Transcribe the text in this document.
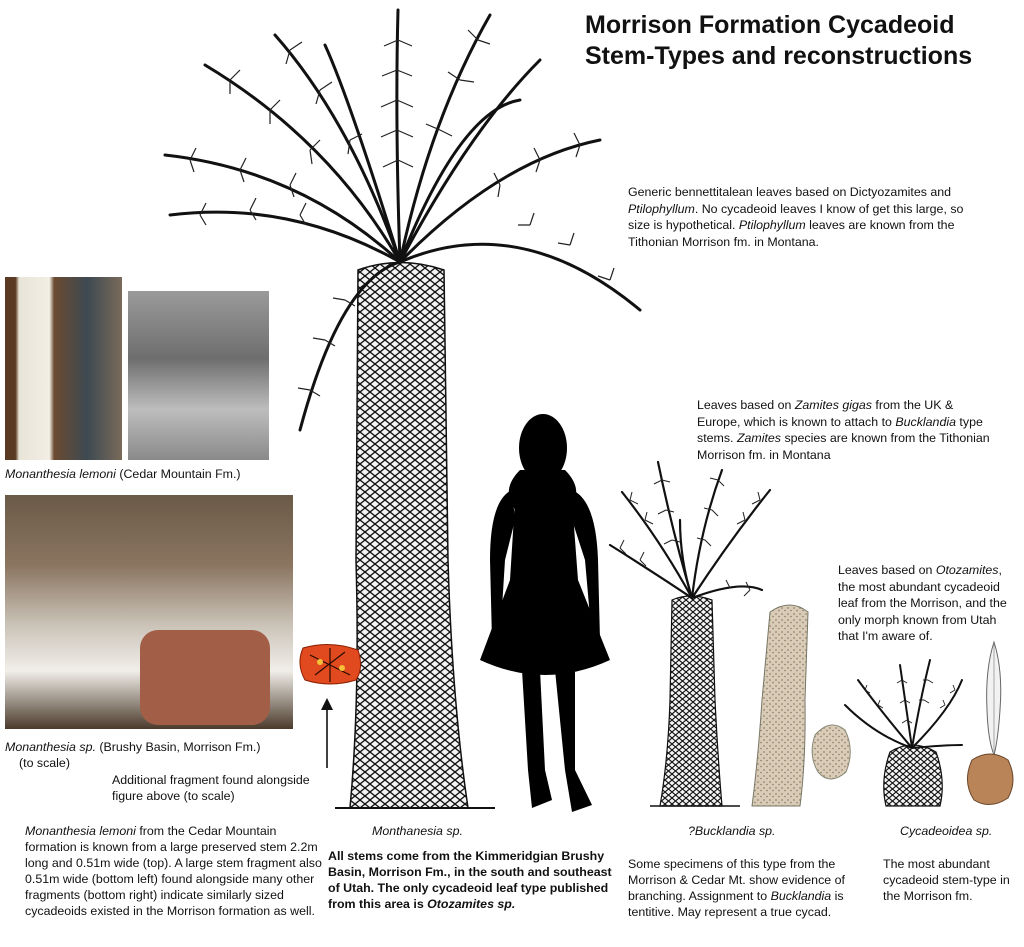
Morrison Formation Cycadeoid
Stem-Types and reconstructions
Generic bennettitalean leaves based on Dictyozamites and Ptilophyllum. No cycadeoid leaves I know of get this large, so size is hypothetical. Ptilophyllum leaves are known from the Tithonian Morrison fm. in Montana.
Leaves based on Zamites gigas from the UK & Europe, which is known to attach to Bucklandia type stems. Zamites species are known from the Tithonian Morrison fm. in Montana
Leaves based on Otozamites, the most abundant cycadeoid leaf from the Morrison, and the only morph known from Utah that I'm aware of.
Monanthesia lemoni (Cedar Mountain Fm.)
Monanthesia sp. (Brushy Basin, Morrison Fm.)
(to scale)
Additional fragment found alongside figure above (to scale)
Monthanesia sp.	?Bucklandia sp.	Cycadeoidea sp.
Monanthesia lemoni from the Cedar Mountain formation is known from a large preserved stem 2.2m long and 0.51m wide (top). A large stem fragment also 0.51m wide (bottom left) found alongside many other fragments (bottom right) indicate similarly sized cycadeoids existed in the Morrison formation as well.
All stems come from the Kimmeridgian Brushy Basin, Morrison Fm., in the south and southeast of Utah. The only cycadeoid leaf type published from this area is Otozamites sp.
Some specimens of this type from the Morrison & Cedar Mt. show evidence of branching. Assignment to Bucklandia is tentitive. May represent a true cycad.
The most abundant cycadeoid stem-type in the Morrison fm.
